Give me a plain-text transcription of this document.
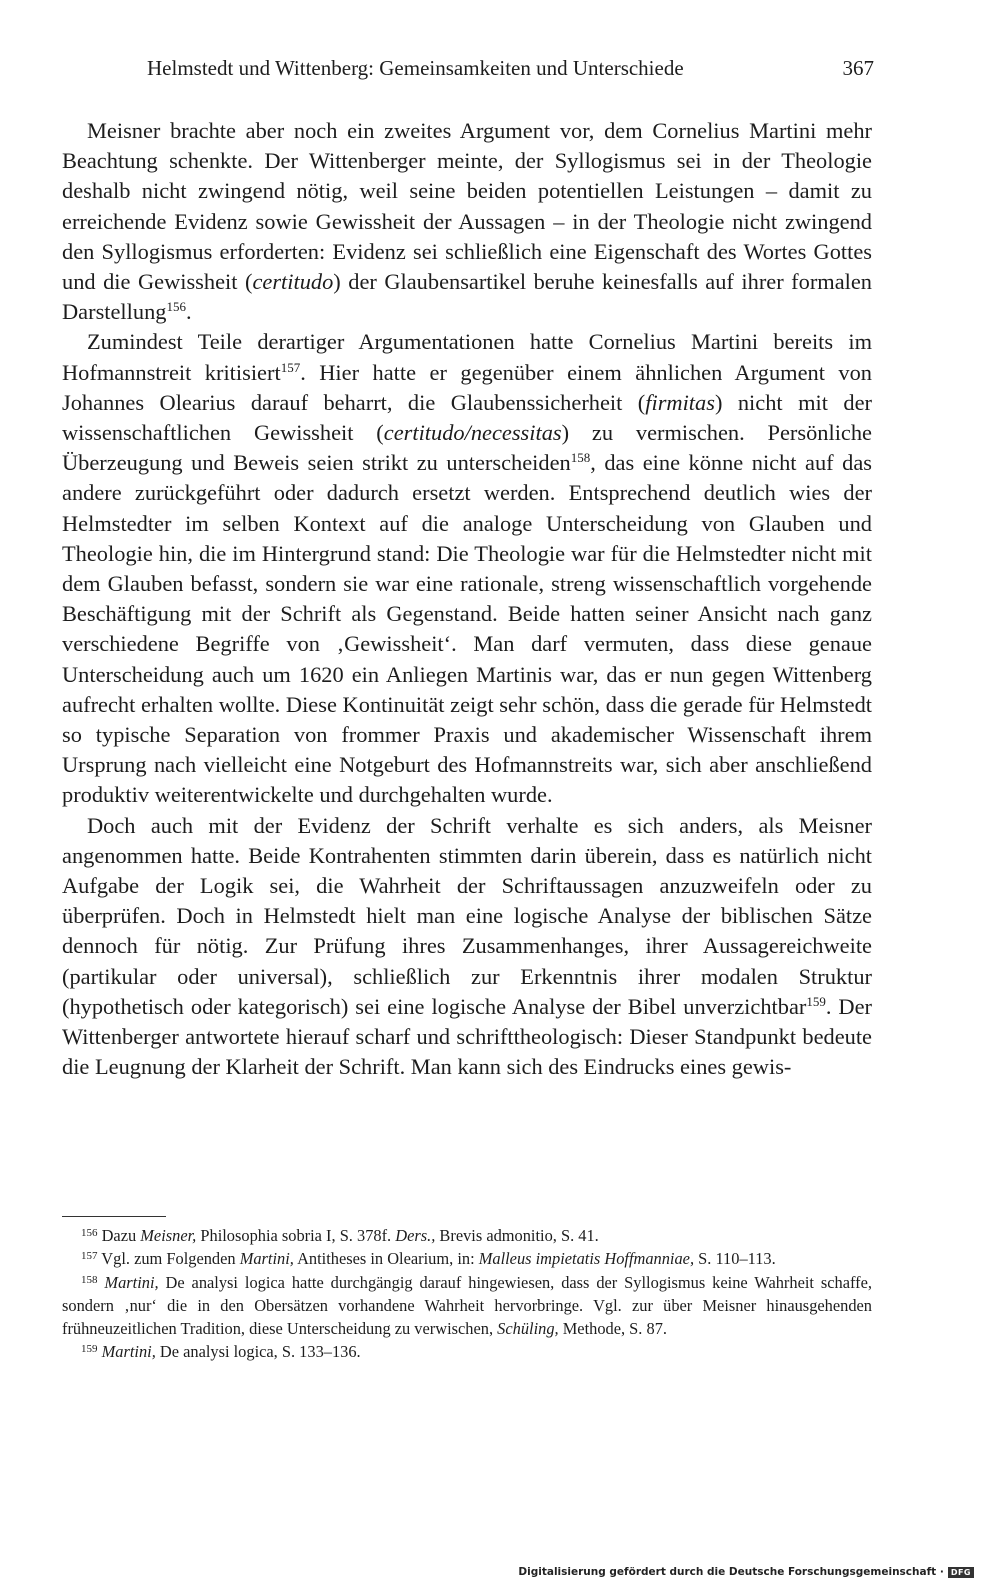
Helmstedt und Wittenberg: Gemeinsamkeiten und Unterschiede	367

Meisner brachte aber noch ein zweites Argument vor, dem Cornelius Martini mehr Beachtung schenkte. Der Wittenberger meinte, der Syllogismus sei in der Theologie deshalb nicht zwingend nötig, weil seine beiden potentiellen Leistungen – damit zu erreichende Evidenz sowie Gewissheit der Aussagen – in der Theologie nicht zwingend den Syllogismus erforderten: Evidenz sei schließlich eine Eigenschaft des Wortes Gottes und die Gewissheit (certitudo) der Glaubensartikel beruhe keinesfalls auf ihrer formalen Darstellung$^{156}$.

Zumindest Teile derartiger Argumentationen hatte Cornelius Martini bereits im Hofmannstreit kritisiert$^{157}$. Hier hatte er gegenüber einem ähnlichen Argument von Johannes Olearius darauf beharrt, die Glaubenssicherheit (firmitas) nicht mit der wissenschaftlichen Gewissheit (certitudo/necessitas) zu vermischen. Persönliche Überzeugung und Beweis seien strikt zu unterscheiden$^{158}$, das eine könne nicht auf das andere zurückgeführt oder dadurch ersetzt werden. Entsprechend deutlich wies der Helmstedter im selben Kontext auf die analoge Unterscheidung von Glauben und Theologie hin, die im Hintergrund stand: Die Theologie war für die Helmstedter nicht mit dem Glauben befasst, sondern sie war eine rationale, streng wissenschaftlich vorgehende Beschäftigung mit der Schrift als Gegenstand. Beide hatten seiner Ansicht nach ganz verschiedene Begriffe von ‚Gewissheit‘. Man darf vermuten, dass diese genaue Unterscheidung auch um 1620 ein Anliegen Martinis war, das er nun gegen Wittenberg aufrecht erhalten wollte. Diese Kontinuität zeigt sehr schön, dass die gerade für Helmstedt so typische Separation von frommer Praxis und akademischer Wissenschaft ihrem Ursprung nach vielleicht eine Notgeburt des Hofmannstreits war, sich aber anschließend produktiv weiterentwickelte und durchgehalten wurde.

Doch auch mit der Evidenz der Schrift verhalte es sich anders, als Meisner angenommen hatte. Beide Kontrahenten stimmten darin überein, dass es natürlich nicht Aufgabe der Logik sei, die Wahrheit der Schriftaussagen anzuzweifeln oder zu überprüfen. Doch in Helmstedt hielt man eine logische Analyse der biblischen Sätze dennoch für nötig. Zur Prüfung ihres Zusammenhanges, ihrer Aussagereichweite (partikular oder universal), schließlich zur Erkenntnis ihrer modalen Struktur (hypothetisch oder kategorisch) sei eine logische Analyse der Bibel unverzichtbar$^{159}$. Der Wittenberger antwortete hierauf scharf und schrifttheologisch: Dieser Standpunkt bedeute die Leugnung der Klarheit der Schrift. Man kann sich des Eindrucks eines gewis-

$^{156}$ Dazu Meisner, Philosophia sobria I, S. 378f. Ders., Brevis admonitio, S. 41.

$^{157}$ Vgl. zum Folgenden Martini, Antitheses in Olearium, in: Malleus impietatis Hoffmanniae, S. 110–113.

$^{158}$ Martini, De analysi logica hatte durchgängig darauf hingewiesen, dass der Syllogismus keine Wahrheit schaffe, sondern ‚nur‘ die in den Obersätzen vorhandene Wahrheit hervorbringe. Vgl. zur über Meisner hinausgehenden frühneuzeitlichen Tradition, diese Unterscheidung zu verwischen, Schüling, Methode, S. 87.

$^{159}$ Martini, De analysi logica, S. 133–136.

Digitalisierung gefördert durch die Deutsche Forschungsgemeinschaft · DFG
